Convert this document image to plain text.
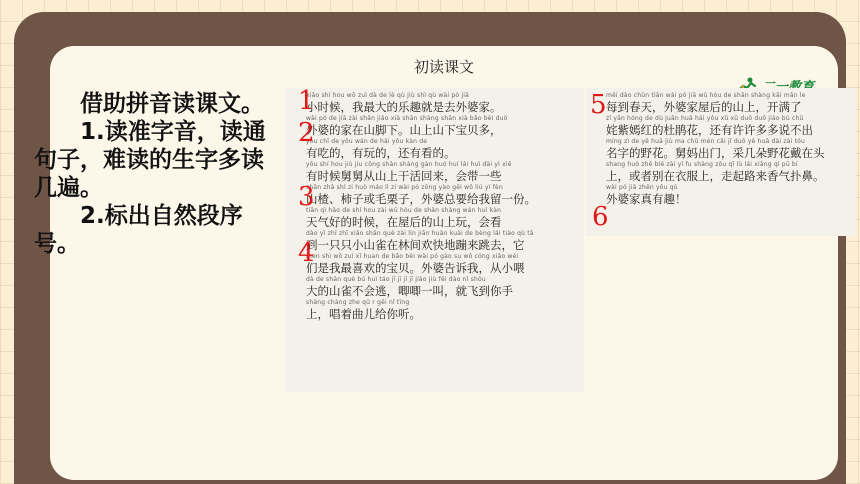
初读课文

借助拼音读课文。

1.读准字音，读通句子，难读的生字多读几遍。

2.标出自然段序号。

xiǎo shí hou wǒ zuì dà de lè qù jiù shì qù wài pó jiā
小时候，我最大的乐趣就是去外婆家。
wài pó de jiā zài shān jiǎo xià shān shàng shān xià bǎo bèi duō
外婆的家在山脚下。山上山下宝贝多，
yǒu chī de yǒu wán de hái yǒu kàn de
有吃的，有玩的，还有看的。
yǒu shí hou jiù jiu cōng shān shàng gàn huó huí lái huì dài yì xiē
有时候舅舅从山上干活回来，会带一些
shān zhā shì zi huò máo lì zi wài pó zǒng yào gěi wǒ liú yí fèn
山楂、柿子或毛栗子，外婆总要给我留一份。
tiān qì hǎo de shí hou zài wū hòu de shān shàng wán huì kàn
天气好的时候，在屋后的山上玩，会看
dào yì zhī zhī xiǎo shān què zài lín jiān huān kuài de bèng lái tiào qù tā
到一只只小山雀在林间欢快地蹦来跳去，它
men shì wǒ zuì xǐ huan de bǎo bèi wài pó gào su wǒ cóng xiǎo wèi
们是我最喜欢的宝贝。外婆告诉我，从小喂
dà de shān què bú huì táo jī jī jī jī jiào jiù fēi dào nǐ shǒu
大的山雀不会逃，唧唧一叫，就飞到你手
shàng chàng zhe qǔ r gěi nǐ tīng
上，唱着曲儿给你听。
měi dào chūn tiān wài pó jiā wū hòu de shān shàng kāi mǎn le
每到春天，外婆家屋后的山上，开满了
zǐ yān hóng de dù juān huā hái yǒu xǔ xǔ duō duō jiào bù chū
姹紫嫣红的杜鹃花，还有许许多多说不出
míng zì de yě huā jiù ma chū mén cǎi jǐ duǒ yě huā dài zài tóu
名字的野花。舅妈出门，采几朵野花戴在头
shang huò zhě bié zài yī fu shàng zǒu qǐ lù lái xiāng qì pū bí
上，或者别在衣服上，走起路来香气扑鼻。
wài pó jiā zhēn yǒu qù
外婆家真有趣！
1
2
3
4
5
6
